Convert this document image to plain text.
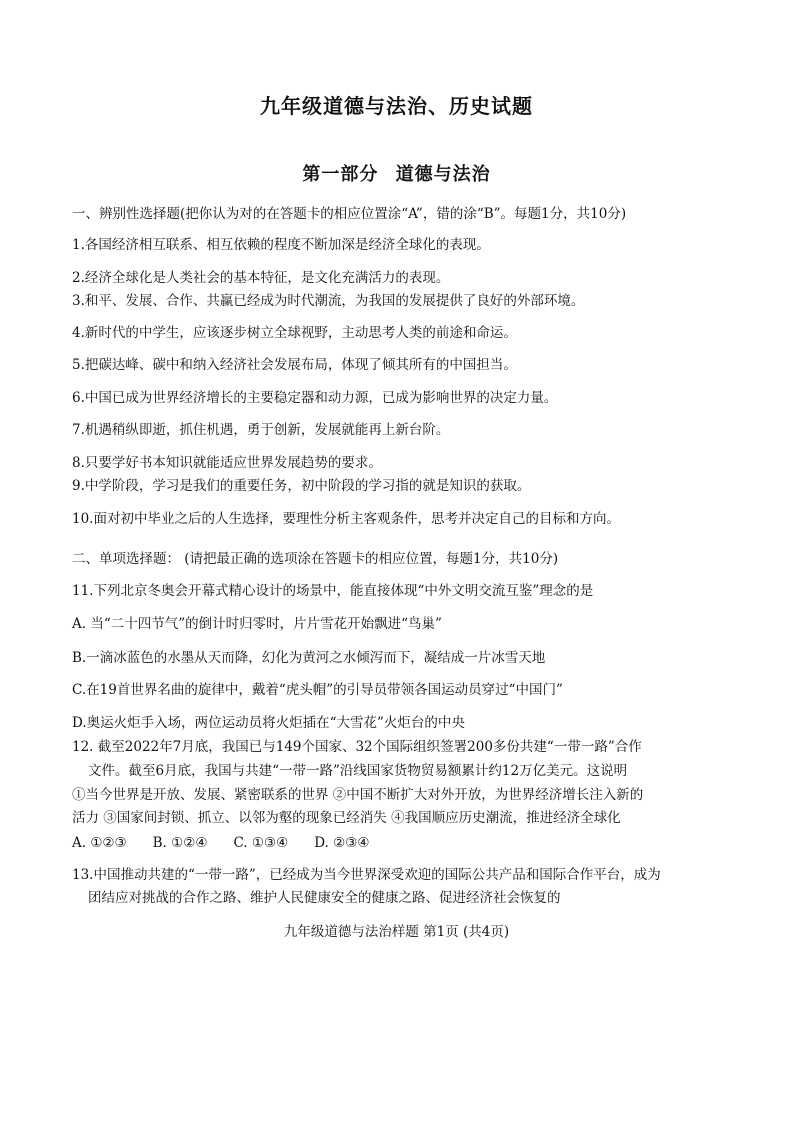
九年级道德与法治、历史试题
第一部分 道德与法治
一、辨别性选择题(把你认为对的在答题卡的相应位置涂“A”，错的涂“B”。每题1分，共10分)
1.各国经济相互联系、相互依赖的程度不断加深是经济全球化的表现。
2.经济全球化是人类社会的基本特征，是文化充满活力的表现。
3.和平、发展、合作、共赢已经成为时代潮流，为我国的发展提供了良好的外部环境。
4.新时代的中学生，应该逐步树立全球视野，主动思考人类的前途和命运。
5.把碳达峰、碳中和纳入经济社会发展布局，体现了倾其所有的中国担当。
6.中国已成为世界经济增长的主要稳定器和动力源，已成为影响世界的决定力量。
7.机遇稍纵即逝，抓住机遇，勇于创新，发展就能再上新台阶。
8.只要学好书本知识就能适应世界发展趋势的要求。
9.中学阶段，学习是我们的重要任务，初中阶段的学习指的就是知识的获取。
10.面对初中毕业之后的人生选择，要理性分析主客观条件，思考并决定自己的目标和方向。
二、单项选择题： (请把最正确的选项涂在答题卡的相应位置，每题1分，共10分)
11.下列北京冬奥会开幕式精心设计的场景中，能直接体现“中外文明交流互鉴”理念的是
A. 当“二十四节气”的倒计时归零时，片片雪花开始飘进“鸟巢”
B.一滴冰蓝色的水墨从天而降，幻化为黄河之水倾泻而下，凝结成一片冰雪天地
C.在19首世界名曲的旋律中，戴着“虎头帽”的引导员带领各国运动员穿过“中国门”
D.奥运火炬手入场，两位运动员将火炬插在“大雪花”火炬台的中央
12. 截至2022年7月底，我国已与149个国家、32个国际组织签署200多份共建“一带一路”合作
文件。截至6月底，我国与共建“一带一路”沿线国家货物贸易额累计约12万亿美元。这说明
①当今世界是开放、发展、紧密联系的世界 ②中国不断扩大对外开放，为世界经济增长注入新的
活力 ③国家间封锁、抓立、以邻为壑的现象已经消失 ④我国顺应历史潮流，推进经济全球化
A. ①②③ B. ①②④ C. ①③④ D. ②③④
13.中国推动共建的“一带一路”，已经成为当今世界深受欢迎的国际公共产品和国际合作平台，成为
团结应对挑战的合作之路、维护人民健康安全的健康之路、促进经济社会恢复的
九年级道德与法治样题 第1页 (共4页)
